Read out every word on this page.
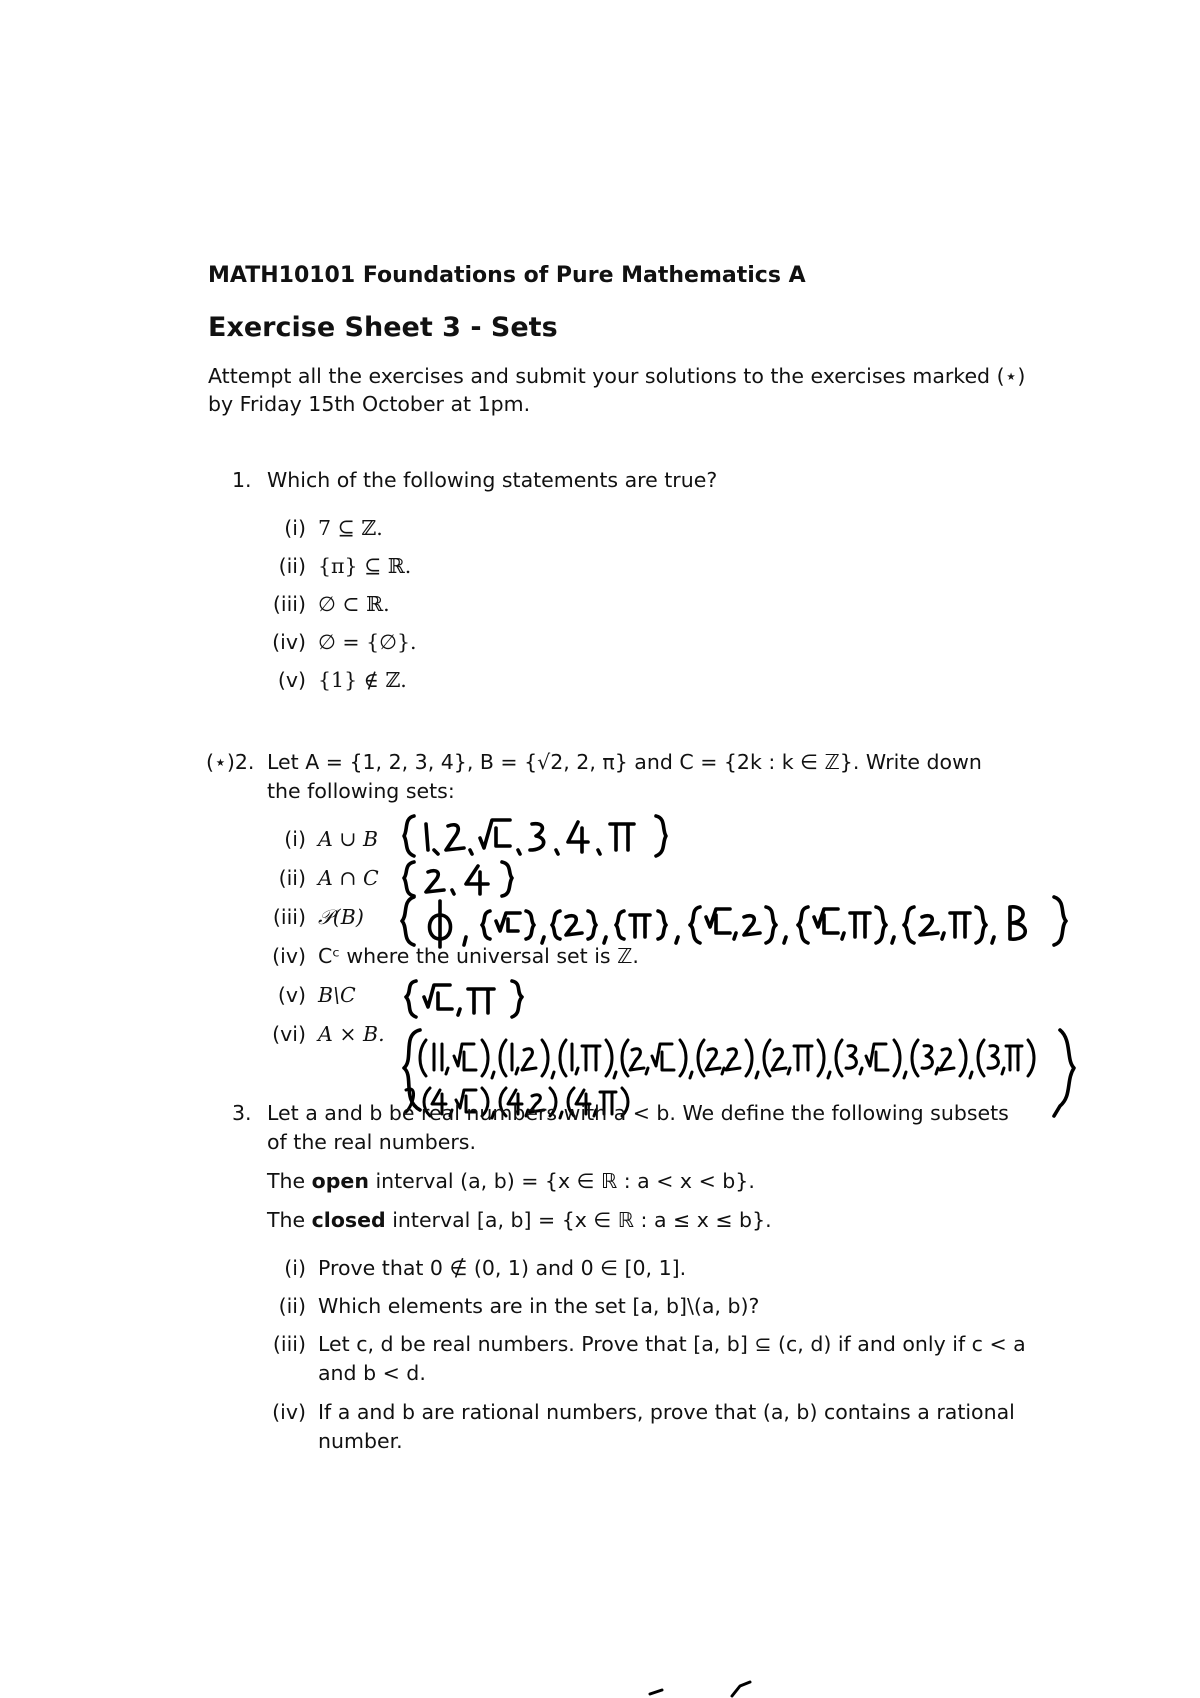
MATH10101 Foundations of Pure Mathematics A
Exercise Sheet 3 - Sets
Attempt all the exercises and submit your solutions to the exercises marked (⋆)
by Friday 15th October at 1pm.
1. Which of the following statements are true?
(i) 7 ⊆ ℤ.
(ii) {π} ⊆ ℝ.
(iii) ∅ ⊂ ℝ.
(iv) ∅ = {∅}.
(v) {1} ∉ ℤ.
(⋆)2. Let A = {1, 2, 3, 4}, B = {√2, 2, π} and C = {2k : k ∈ ℤ}. Write down
the following sets:
(i) A ∪ B
(ii) A ∩ C
(iii) 𝒫(B)
(iv) Cᶜ where the universal set is ℤ.
(v) B\C
(vi) A × B.
3. Let a and b be real numbers with a < b. We define the following subsets
of the real numbers.
The open interval (a, b) = {x ∈ ℝ : a < x < b}.
The closed interval [a, b] = {x ∈ ℝ : a ≤ x ≤ b}.
(i) Prove that 0 ∉ (0, 1) and 0 ∈ [0, 1].
(ii) Which elements are in the set [a, b]\(a, b)?
(iii) Let c, d be real numbers. Prove that [a, b] ⊆ (c, d) if and only if c < a
and b < d.
(iv) If a and b are rational numbers, prove that (a, b) contains a rational
number.
